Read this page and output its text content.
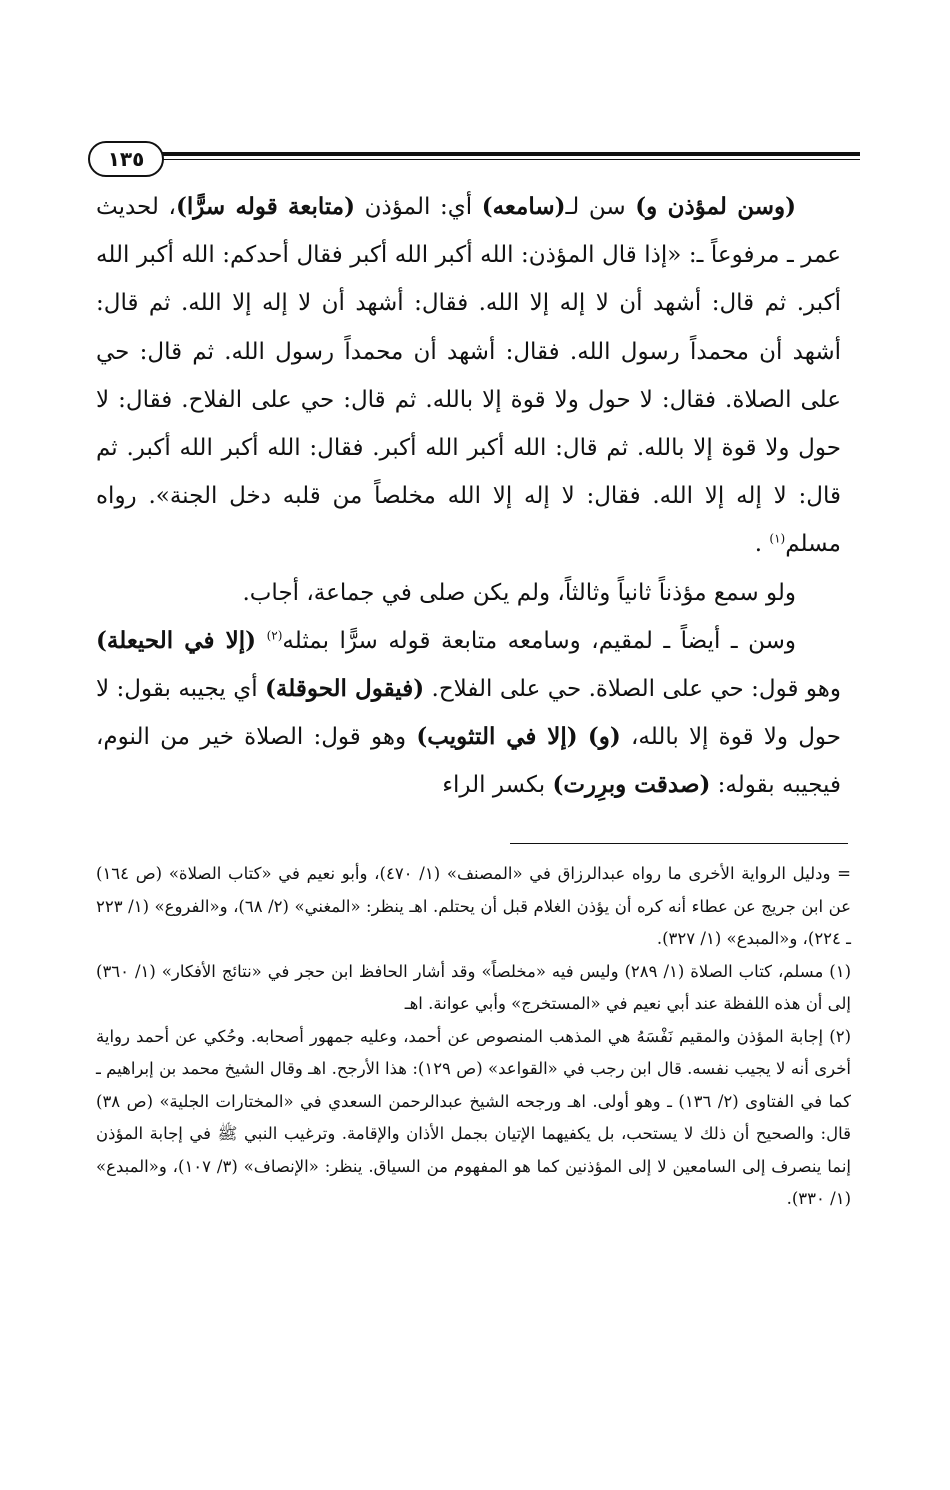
١٣٥

(وسن لمؤذن و) سن لـ(سامعه) أي: المؤذن (متابعة قوله سرًّا)، لحديث عمر ـ مرفوعاً ـ: «إذا قال المؤذن: الله أكبر الله أكبر فقال أحدكم: الله أكبر الله أكبر. ثم قال: أشهد أن لا إله إلا الله. فقال: أشهد أن لا إله إلا الله. ثم قال: أشهد أن محمداً رسول الله. فقال: أشهد أن محمداً رسول الله. ثم قال: حي على الصلاة. فقال: لا حول ولا قوة إلا بالله. ثم قال: حي على الفلاح. فقال: لا حول ولا قوة إلا بالله. ثم قال: الله أكبر الله أكبر. فقال: الله أكبر الله أكبر. ثم قال: لا إله إلا الله. فقال: لا إله إلا الله مخلصاً من قلبه دخل الجنة». رواه مسلم$^{(١)}$ .

ولو سمع مؤذناً ثانياً وثالثاً، ولم يكن صلى في جماعة، أجاب.

وسن ـ أيضاً ـ لمقيم، وسامعه متابعة قوله سرًّا بمثله$^{(٢)}$ (إلا في الحيعلة) وهو قول: حي على الصلاة. حي على الفلاح. (فيقول الحوقلة) أي يجيبه بقول: لا حول ولا قوة إلا بالله، (و) (إلا في التثويب) وهو قول: الصلاة خير من النوم، فيجيبه بقوله: (صدقت وبرِرت) بكسر الراء

= ودليل الرواية الأخرى ما رواه عبدالرزاق في «المصنف» (١/ ٤٧٠)، وأبو نعيم في «كتاب الصلاة» (ص ١٦٤) عن ابن جريج عن عطاء أنه كره أن يؤذن الغلام قبل أن يحتلم. اهـ ينظر: «المغني» (٢/ ٦٨)، و«الفروع» (١/ ٢٢٣ ـ ٢٢٤)، و«المبدع» (١/ ٣٢٧).

(١) مسلم، كتاب الصلاة (١/ ٢٨٩) وليس فيه «مخلصاً» وقد أشار الحافظ ابن حجر في «نتائج الأفكار» (١/ ٣٦٠) إلى أن هذه اللفظة عند أبي نعيم في «المستخرج» وأبي عوانة. اهـ

(٢) إجابة المؤذن والمقيم نَفْسَهُ هي المذهب المنصوص عن أحمد، وعليه جمهور أصحابه. وحُكي عن أحمد رواية أخرى أنه لا يجيب نفسه. قال ابن رجب في «القواعد» (ص ١٢٩): هذا الأرجح. اهـ وقال الشيخ محمد بن إبراهيم ـ كما في الفتاوى (٢/ ١٣٦) ـ وهو أولى. اهـ ورجحه الشيخ عبدالرحمن السعدي في «المختارات الجلية» (ص ٣٨) قال: والصحيح أن ذلك لا يستحب، بل يكفيهما الإتيان بجمل الأذان والإقامة. وترغيب النبي ﷺ في إجابة المؤذن إنما ينصرف إلى السامعين لا إلى المؤذنين كما هو المفهوم من السياق. ينظر: «الإنصاف» (٣/ ١٠٧)، و«المبدع» (١/ ٣٣٠).
